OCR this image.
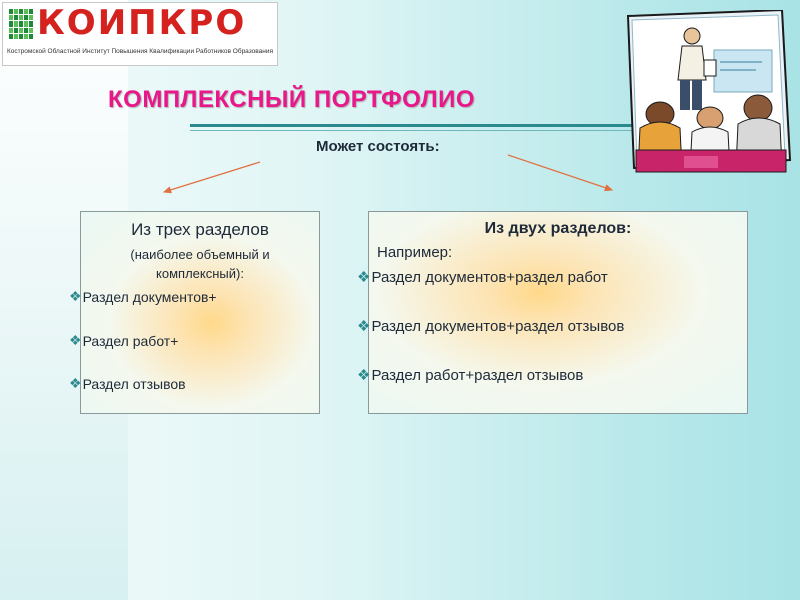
КОИПКРО
Костромской Областной Институт Повышения Квалификации Работников Образования
КОМПЛЕКСНЫЙ ПОРТФОЛИО
Может состоять:
Из трех разделов
(наиболее объемный и
комплексный):
❖ Раздел документов+
❖ Раздел работ+
❖ Раздел отзывов
Из двух разделов:
Например:
❖ Раздел документов+раздел работ
❖ Раздел документов+раздел отзывов
❖ Раздел работ+раздел отзывов
